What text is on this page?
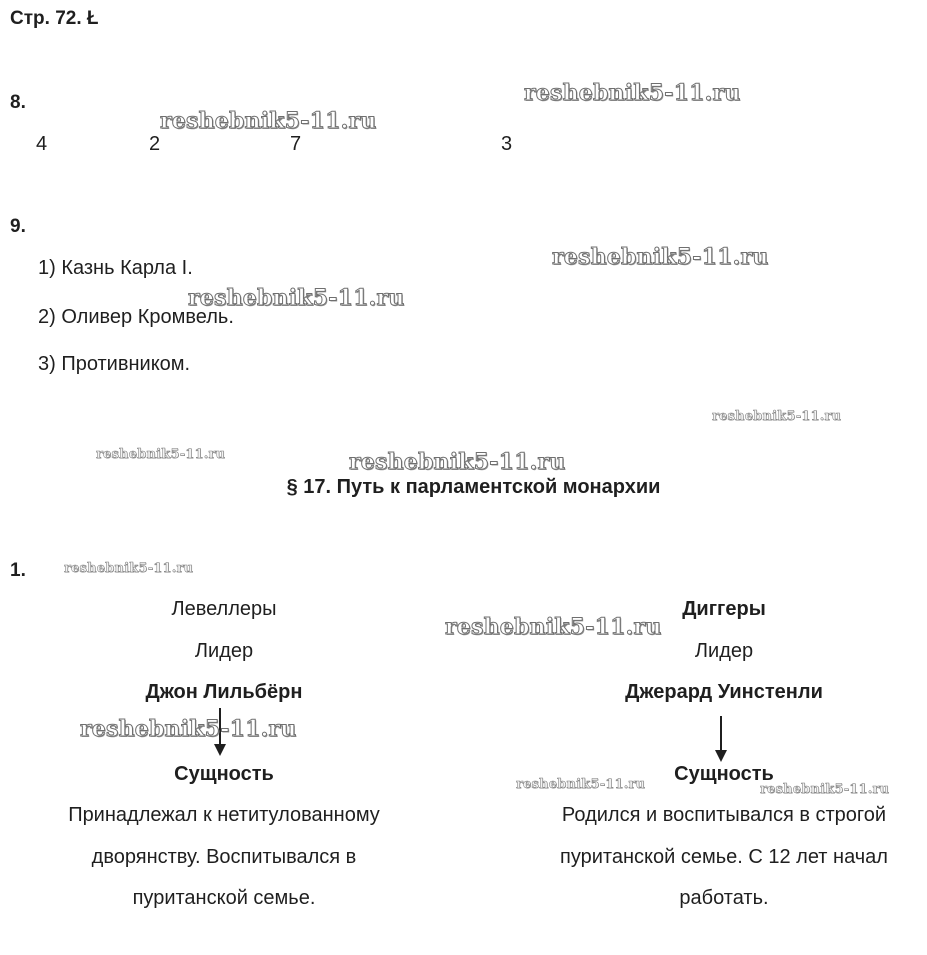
Стр. 72. Ł
8.
4	2	7	3
9.
1) Казнь Карла I.
2) Оливер Кромвель.
3) Противником.
§ 17. Путь к парламентской монархии
1.
Левеллеры
Лидер
Джон Лильбёрн
Сущность
Принадлежал к нетитулованному
дворянству. Воспитывался в
пуританской семье.
Диггеры
Лидер
Джерард Уинстенли
Сущность
Родился и воспитывался в строгой
пуританской семье. С 12 лет начал
работать.
reshebnik5-11.ru
reshebnik5-11.ru
reshebnik5-11.ru
reshebnik5-11.ru
reshebnik5-11.ru
reshebnik5-11.ru	reshebnik5-11.ru
reshebnik5-11.ru
reshebnik5-11.ru
reshebnik5-11.ru
reshebnik5-11.ru	reshebnik5-11.ru
